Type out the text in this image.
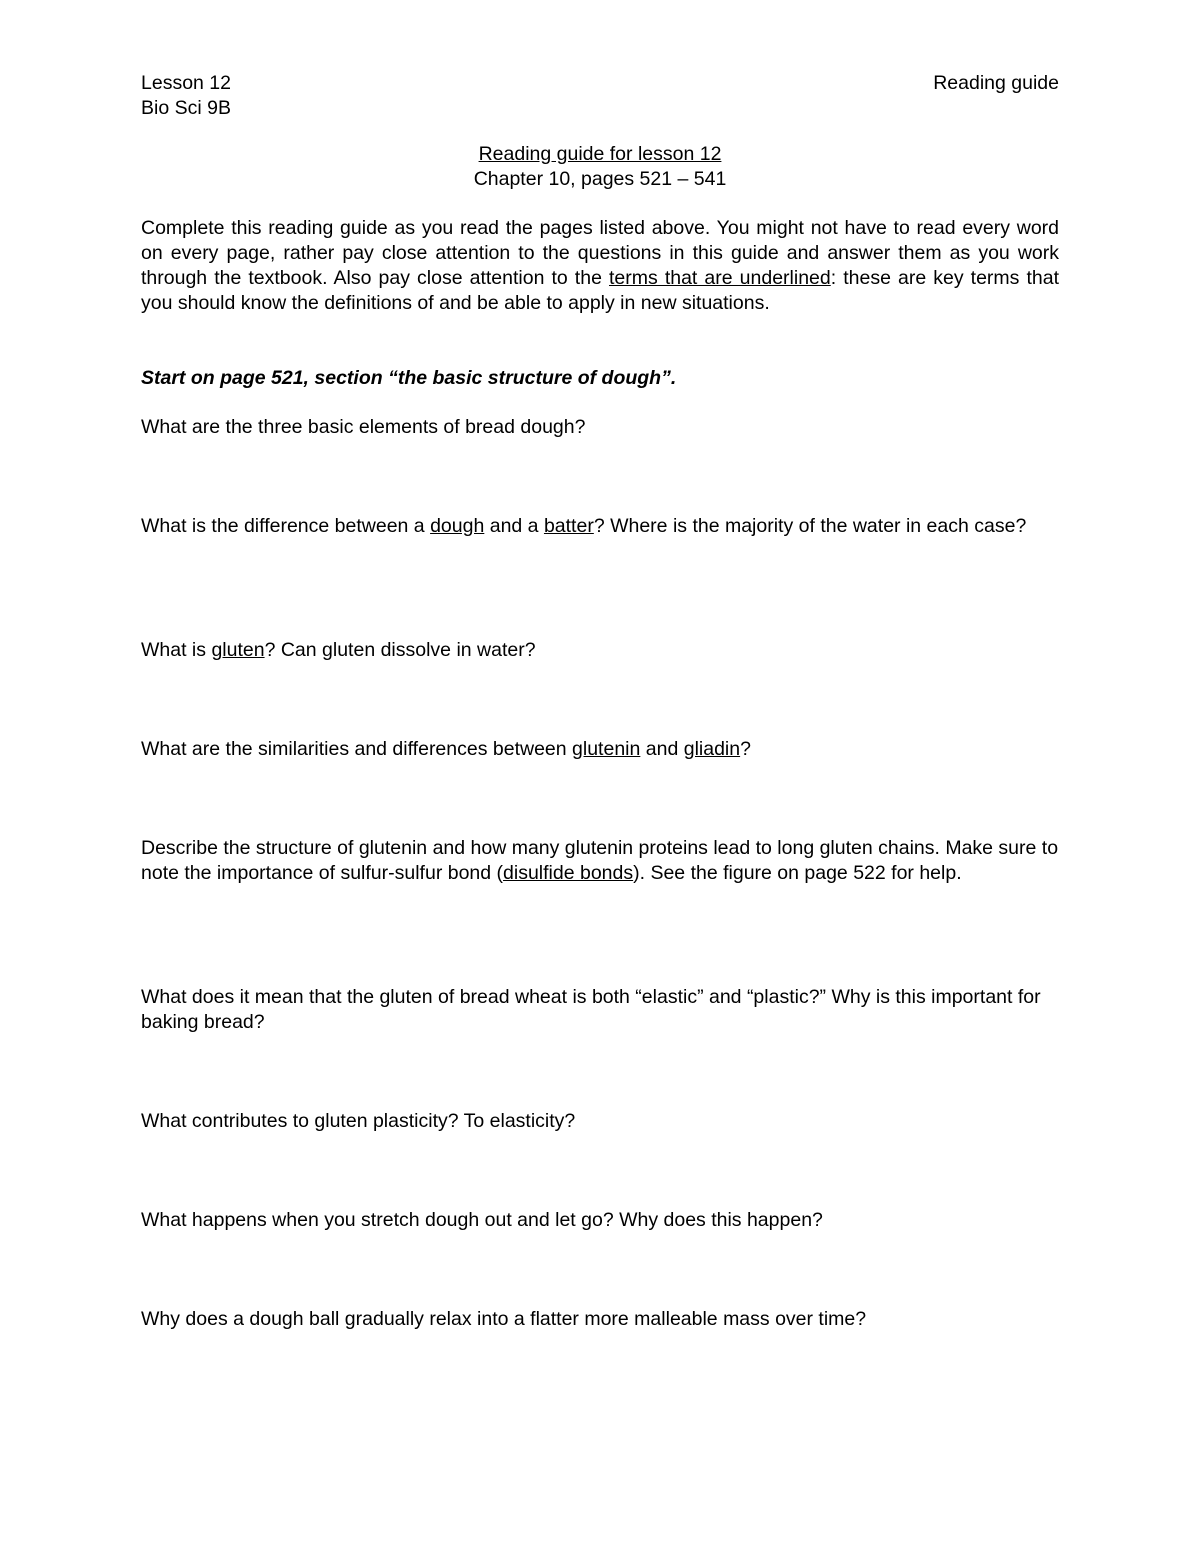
Lesson 12
Bio Sci 9B
Reading guide
Reading guide for lesson 12
Chapter 10, pages 521 – 541
Complete this reading guide as you read the pages listed above. You might not have to read every word on every page, rather pay close attention to the questions in this guide and answer them as you work through the textbook. Also pay close attention to the terms that are underlined: these are key terms that you should know the definitions of and be able to apply in new situations.
Start on page 521, section “the basic structure of dough”.
What are the three basic elements of bread dough?
What is the difference between a dough and a batter? Where is the majority of the water in each case?
What is gluten? Can gluten dissolve in water?
What are the similarities and differences between glutenin and gliadin?
Describe the structure of glutenin and how many glutenin proteins lead to long gluten chains. Make sure to note the importance of sulfur-sulfur bond (disulfide bonds). See the figure on page 522 for help.
What does it mean that the gluten of bread wheat is both “elastic” and “plastic?” Why is this important for baking bread?
What contributes to gluten plasticity? To elasticity?
What happens when you stretch dough out and let go? Why does this happen?
Why does a dough ball gradually relax into a flatter more malleable mass over time?
